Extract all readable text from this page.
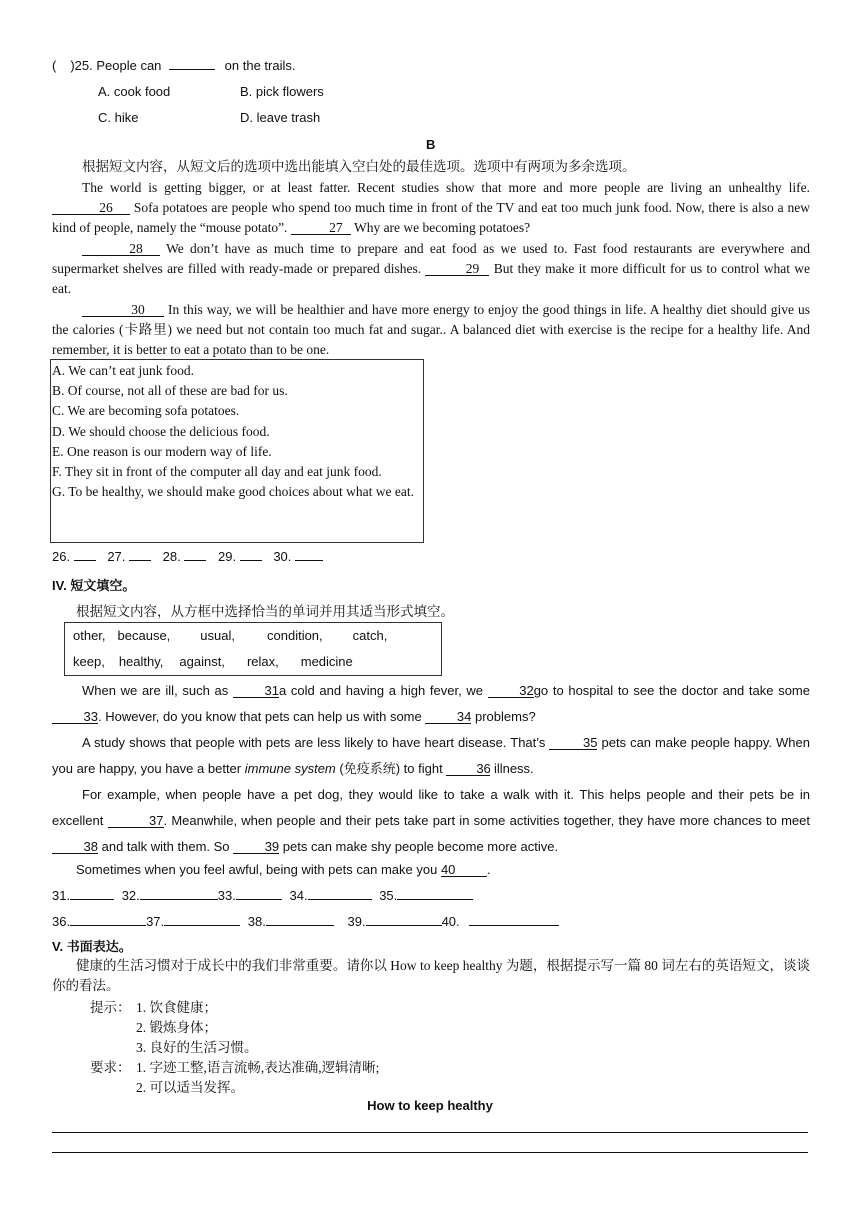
( )25. People can	on the trails.
A. cook food	B. pick flowers
C. hike	D. leave trash
B
根据短文内容，从短文后的选项中选出能填入空白处的最佳选项。选项中有两项为多余选项。
The world is getting bigger, or at least fatter. Recent studies show that more and more people are living an unhealthy life. 26 Sofa potatoes are people who spend too much time in front of the TV and eat too much junk food. Now, there is also a new kind of people, namely the “mouse potato”.	27 Why are we becoming potatoes?
28 We don’t have as much time to prepare and eat food as we used to. Fast food restaurants are everywhere and supermarket shelves are filled with ready-made or prepared dishes.	29 But they make it more difficult for us to control what we eat.
30 In this way, we will be healthier and have more energy to enjoy the good things in life. A healthy diet should give us the calories (卡路里) we need but not contain too much fat and sugar.. A balanced diet with exercise is the recipe for a healthy life. And remember, it is better to eat a potato than to be one.
A. We can’t eat junk food.
B. Of course, not all of these are bad for us.
C. We are becoming sofa potatoes.
D. We should choose the delicious food.
E. One reason is our modern way of life.
F. They sit in front of the computer all day and eat junk food.
G. To be healthy, we should make good choices about what we eat.
26.	27.	28.	29.	30.
IV. 短文填空。
根据短文内容，从方框中选择恰当的单词并用其适当形式填空。
other, because, usual, condition, catch,
keep, healthy, against, relax, medicine
When we are ill, such as	31a cold and having a high fever, we	32go to hospital to see the doctor and take some 33. However, do you know that pets can help us with some	34 problems?
A study shows that people with pets are less likely to have heart disease. That’s	35 pets can make people happy. When you are happy, you have a better immune system (免疫系统) to fight	36 illness.
For example, when people have a pet dog, they would like to take a walk with it. This helps people and their pets be in excellent	37. Meanwhile, when people and their pets take part in some activities together, they have more chances to meet 38 and talk with them. So	39 pets can make shy people become more active.
Sometimes when you feel awful, being with pets can make you 40 .
31.	32.	33.	34.	35.
36.	37.	38.	39.	40.
V. 书面表达。
健康的生活习惯对于成长中的我们非常重要。请你以 How to keep healthy 为题，根据提示写一篇 80 词左右的英语短文，谈谈你的看法。
提示： 1. 饮食健康；
2. 锻炼身体；
3. 良好的生活习惯。
要求： 1. 字迹工整,语言流畅,表达准确,逻辑清晰;
2. 可以适当发挥。
How to keep healthy
